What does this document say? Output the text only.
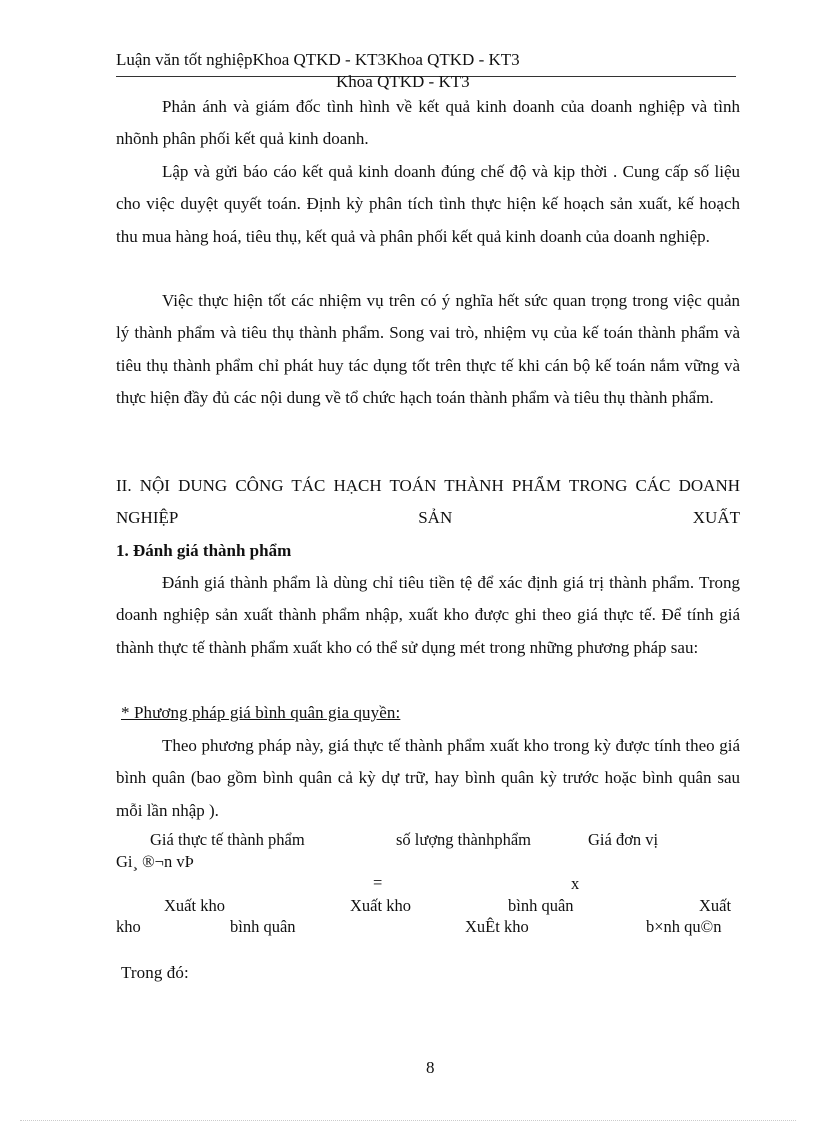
Luận văn tốt nghiệpKhoa QTKD - KT3Khoa QTKD - KT3
Khoa QTKD - KT3
Phản ánh và giám đốc tình hình về kết quả kinh doanh của doanh nghiệp và tình nhõnh phân phối kết quả kinh doanh.
Lập và gửi báo cáo kết quả kinh doanh đúng chế độ và kịp thời . Cung cấp số liệu cho việc duyệt quyết toán. Định kỳ phân tích tình thực hiện kế hoạch sản xuất, kế hoạch thu mua hàng hoá, tiêu thụ, kết quả và phân phối kết quả kinh doanh của doanh nghiệp.
Việc thực hiện tốt các nhiệm vụ trên có ý nghĩa hết sức quan trọng trong việc quản lý thành phẩm và tiêu thụ thành phẩm. Song vai trò, nhiệm vụ của kế toán thành phẩm và tiêu thụ thành phẩm chỉ phát huy tác dụng tốt trên thực tế khi cán bộ kế toán nắm vững và thực hiện đầy đủ các nội dung về tổ chức hạch toán thành phẩm và tiêu thụ thành phẩm.
II. NỘI DUNG CÔNG TÁC HẠCH TOÁN THÀNH PHẨM TRONG CÁC DOANH NGHIỆP SẢN XUẤT
1. Đánh giá thành phẩm
Đánh giá thành phẩm là dùng chỉ tiêu tiền tệ để xác định giá trị thành phẩm. Trong doanh nghiệp sản xuất thành phẩm nhập, xuất kho được ghi theo giá thực tế. Để tính giá thành thực tế thành phẩm xuất kho có thể sử dụng mét trong những phương pháp sau:
* Phương pháp giá bình quân gia quyền:
Theo phương pháp này, giá thực tế thành phẩm xuất kho trong kỳ được tính theo giá bình quân (bao gồm bình quân cả kỳ dự trữ, hay bình quân kỳ trước hoặc bình quân sau mỗi lần nhập ).
Giá thực tế thành phẩm	số lượng thànhphẩm	Giá đơn vị
Gi¸ ®¬n vÞ
=	x
Xuất kho	Xuất kho	bình quân	Xuất
kho	bình quân	XuÊt kho	b×nh qu©n
Trong đó:
8
